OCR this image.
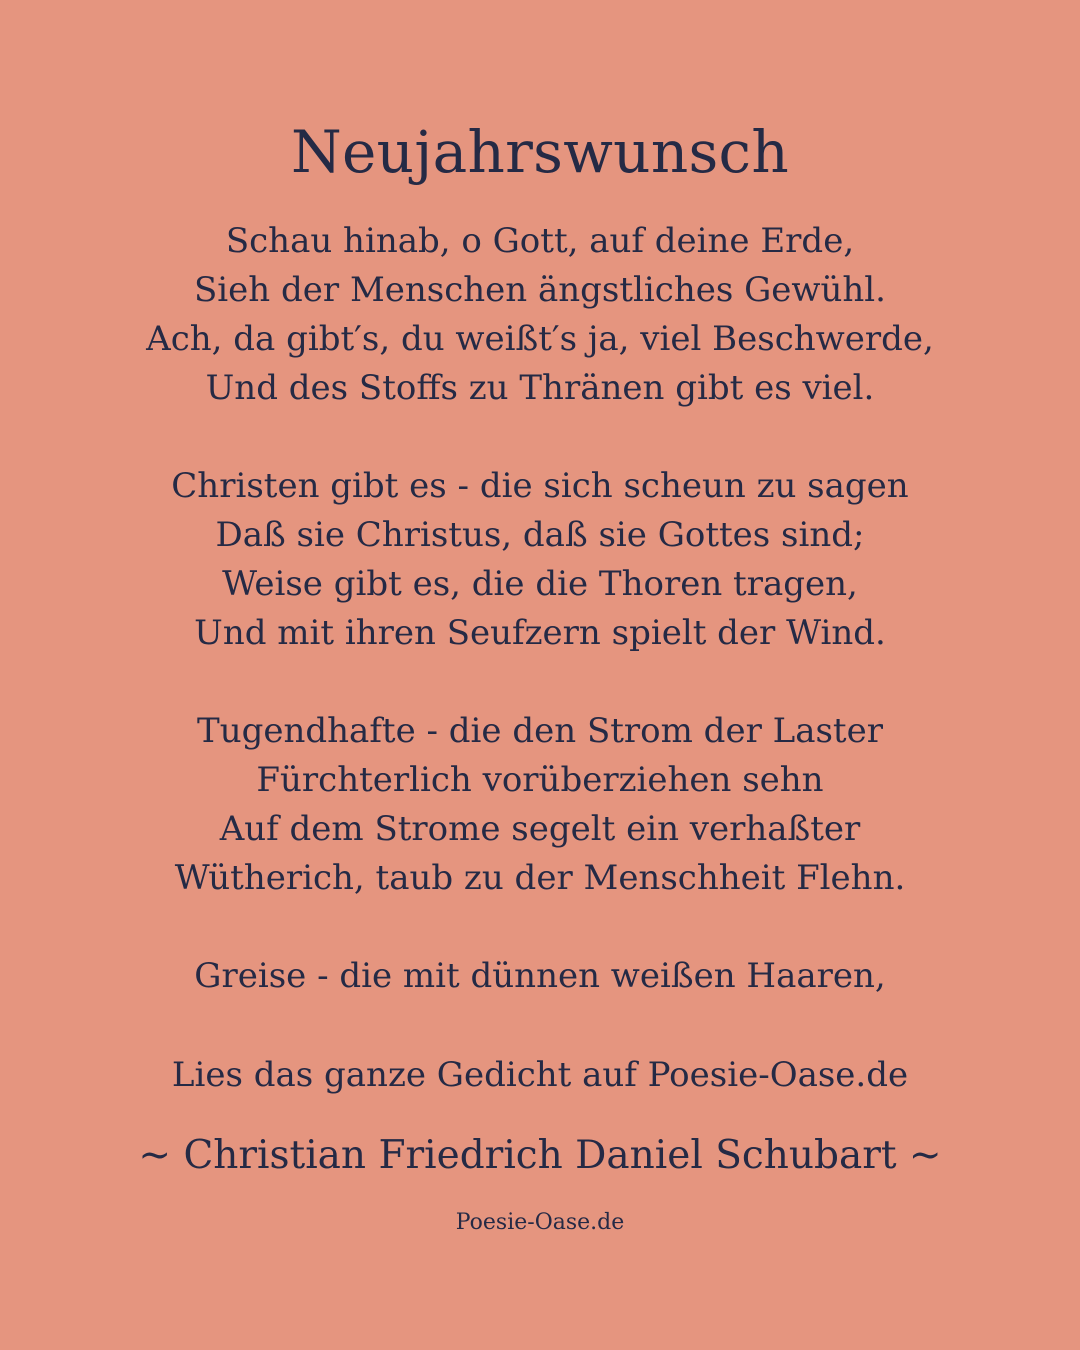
Neujahrswunsch
Schau hinab, o Gott, auf deine Erde,
Sieh der Menschen ängstliches Gewühl.
Ach, da gibt′s, du weißt′s ja, viel Beschwerde,
Und des Stoffs zu Thränen gibt es viel.
Christen gibt es - die sich scheun zu sagen
Daß sie Christus, daß sie Gottes sind;
Weise gibt es, die die Thoren tragen,
Und mit ihren Seufzern spielt der Wind.
Tugendhafte - die den Strom der Laster
Fürchterlich vorüberziehen sehn
Auf dem Strome segelt ein verhaßter
Wütherich, taub zu der Menschheit Flehn.
Greise - die mit dünnen weißen Haaren,
Lies das ganze Gedicht auf Poesie-Oase.de
~ Christian Friedrich Daniel Schubart ~
Poesie-Oase.de
